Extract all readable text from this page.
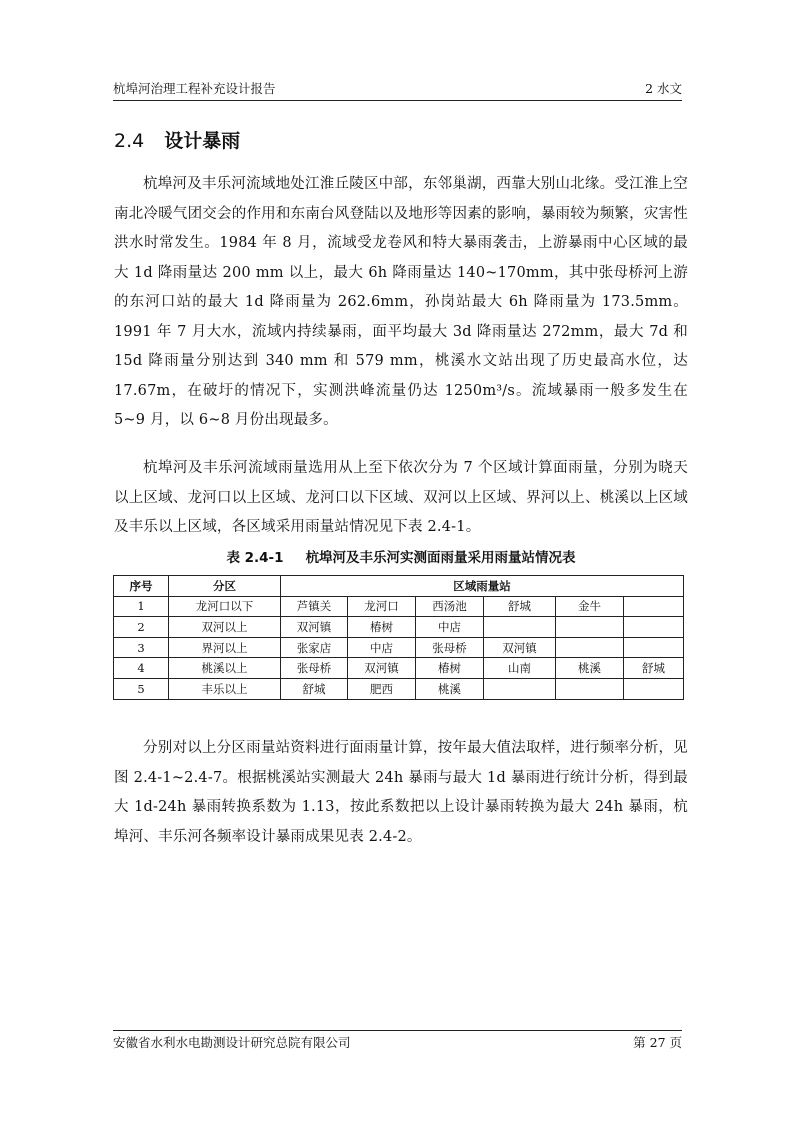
杭埠河治理工程补充设计报告	2 水文
2.4 设计暴雨

杭埠河及丰乐河流域地处江淮丘陵区中部，东邻巢湖，西靠大别山北缘。受江淮上空南北冷暖气团交会的作用和东南台风登陆以及地形等因素的影响，暴雨较为频繁，灾害性洪水时常发生。1984 年 8 月，流域受龙卷风和特大暴雨袭击，上游暴雨中心区域的最大 1d 降雨量达 200 mm 以上，最大 6h 降雨量达 140~170mm，其中张母桥河上游的东河口站的最大 1d 降雨量为 262.6mm，孙岗站最大 6h 降雨量为 173.5mm。1991 年 7 月大水，流域内持续暴雨，面平均最大 3d 降雨量达 272mm，最大 7d 和 15d 降雨量分别达到 340 mm 和 579 mm，桃溪水文站出现了历史最高水位，达 17.67m，在破圩的情况下，实测洪峰流量仍达 1250m³/s。流域暴雨一般多发生在 5~9 月，以 6~8 月份出现最多。

杭埠河及丰乐河流域雨量选用从上至下依次分为 7 个区域计算面雨量，分别为晓天以上区域、龙河口以上区域、龙河口以下区域、双河以上区域、界河以上、桃溪以上区域及丰乐以上区域，各区域采用雨量站情况见下表 2.4-1。

表 2.4-1 杭埠河及丰乐河实测面雨量采用雨量站情况表
序号	分区	区域雨量站					
1	龙河口以下	芦镇关	龙河口	西汤池	舒城	金牛	
2	双河以上	双河镇	椿树	中店			
3	界河以上	张家店	中店	张母桥	双河镇		
4	桃溪以上	张母桥	双河镇	椿树	山南	桃溪	舒城
5	丰乐以上	舒城	肥西	桃溪			

分别对以上分区雨量站资料进行面雨量计算，按年最大值法取样，进行频率分析，见图 2.4-1~2.4-7。根据桃溪站实测最大 24h 暴雨与最大 1d 暴雨进行统计分析，得到最大 1d-24h 暴雨转换系数为 1.13，按此系数把以上设计暴雨转换为最大 24h 暴雨，杭埠河、丰乐河各频率设计暴雨成果见表 2.4-2。

安徽省水利水电勘测设计研究总院有限公司	第 27 页
